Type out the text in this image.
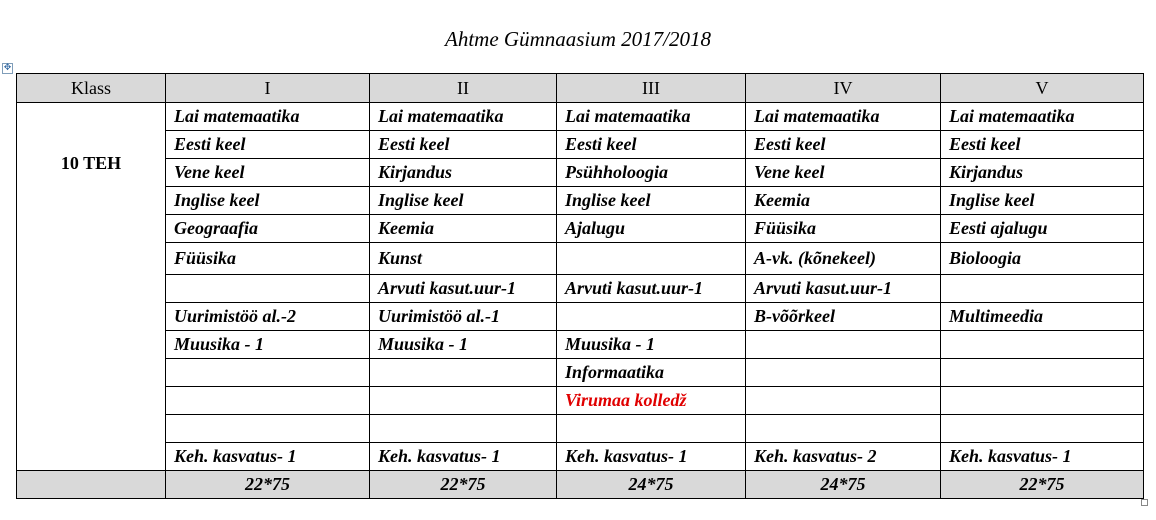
Ahtme Gümnaasium 2017/2018
✥
Klass	I	II	III	IV	V
10 TEH	Lai matemaatika	Lai matemaatika	Lai matemaatika	Lai matemaatika	Lai matemaatika
	Eesti keel	Eesti keel	Eesti keel	Eesti keel	Eesti keel
	Vene keel	Kirjandus	Psühholoogia	Vene keel	Kirjandus
	Inglise keel	Inglise keel	Inglise keel	Keemia	Inglise keel
	Geograafia	Keemia	Ajalugu	Füüsika	Eesti ajalugu
	Füüsika	Kunst		A-vk. (kõnekeel)	Bioloogia
		Arvuti kasut.uur-1	Arvuti kasut.uur-1	Arvuti kasut.uur-1	
	Uurimistöö al.-2	Uurimistöö al.-1		B-võõrkeel	Multimeedia
	Muusika - 1	Muusika - 1	Muusika - 1		
			Informaatika		
			Virumaa kolledž		

	Keh. kasvatus- 1	Keh. kasvatus- 1	Keh. kasvatus- 1	Keh. kasvatus- 2	Keh. kasvatus- 1
	22*75	22*75	24*75	24*75	22*75
